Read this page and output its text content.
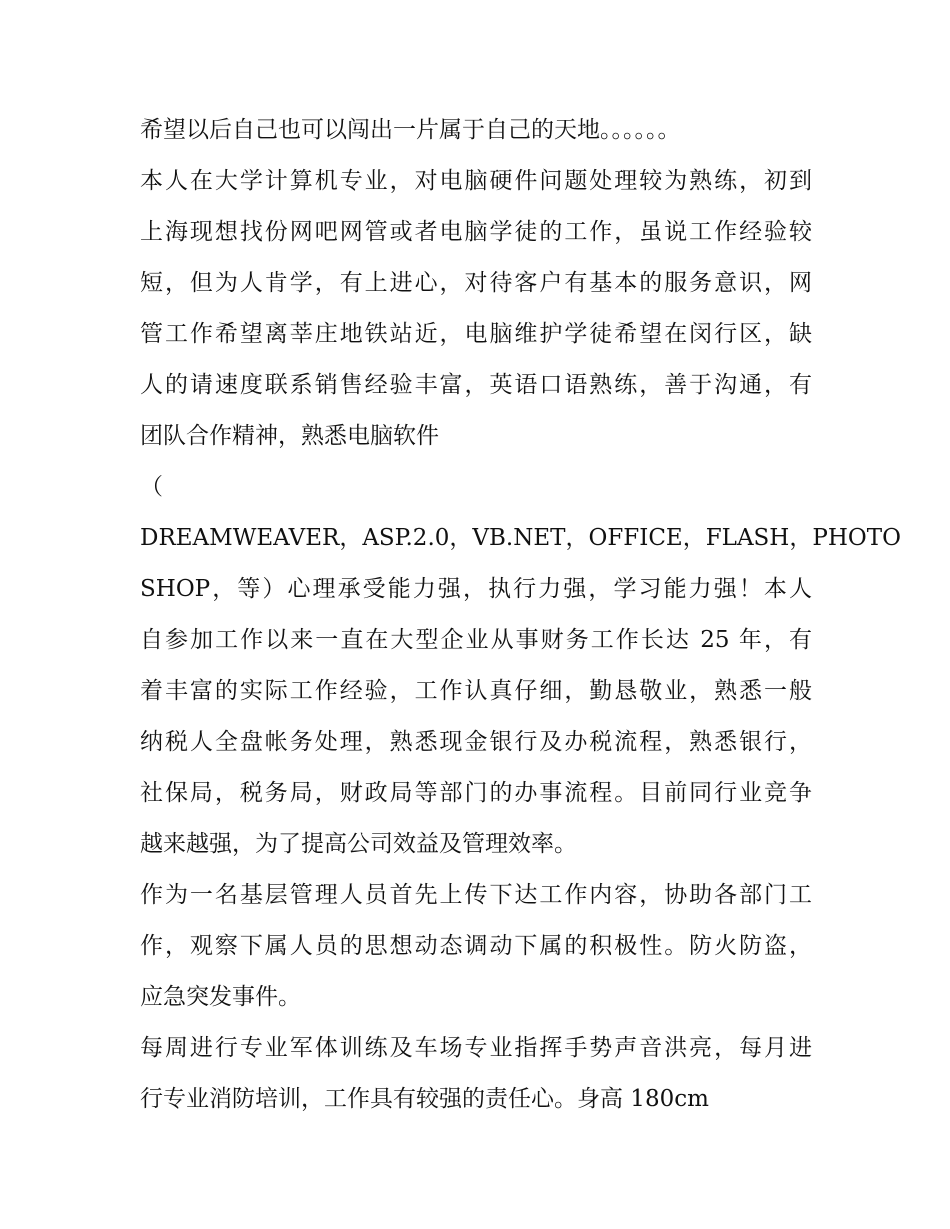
希望以后自己也可以闯出一片属于自己的天地。。。。。。
本人在大学计算机专业，对电脑硬件问题处理较为熟练，初到
上海现想找份网吧网管或者电脑学徒的工作，虽说工作经验较
短，但为人肯学，有上进心，对待客户有基本的服务意识，网
管工作希望离莘庄地铁站近，电脑维护学徒希望在闵行区，缺
人的请速度联系销售经验丰富，英语口语熟练，善于沟通，有
团队合作精神，熟悉电脑软件
（
DREAMWEAVER，ASP.2.0，VB.NET，OFFICE，FLASH，PHOTO
SHOP，等）心理承受能力强，执行力强，学习能力强！本人
自参加工作以来一直在大型企业从事财务工作长达 25 年，有
着丰富的实际工作经验，工作认真仔细，勤恳敬业，熟悉一般
纳税人全盘帐务处理，熟悉现金银行及办税流程，熟悉银行，
社保局，税务局，财政局等部门的办事流程。目前同行业竞争
越来越强，为了提高公司效益及管理效率。
作为一名基层管理人员首先上传下达工作内容，协助各部门工
作，观察下属人员的思想动态调动下属的积极性。防火防盗，
应急突发事件。
每周进行专业军体训练及车场专业指挥手势声音洪亮，每月进
行专业消防培训，工作具有较强的责任心。身高 180cm
